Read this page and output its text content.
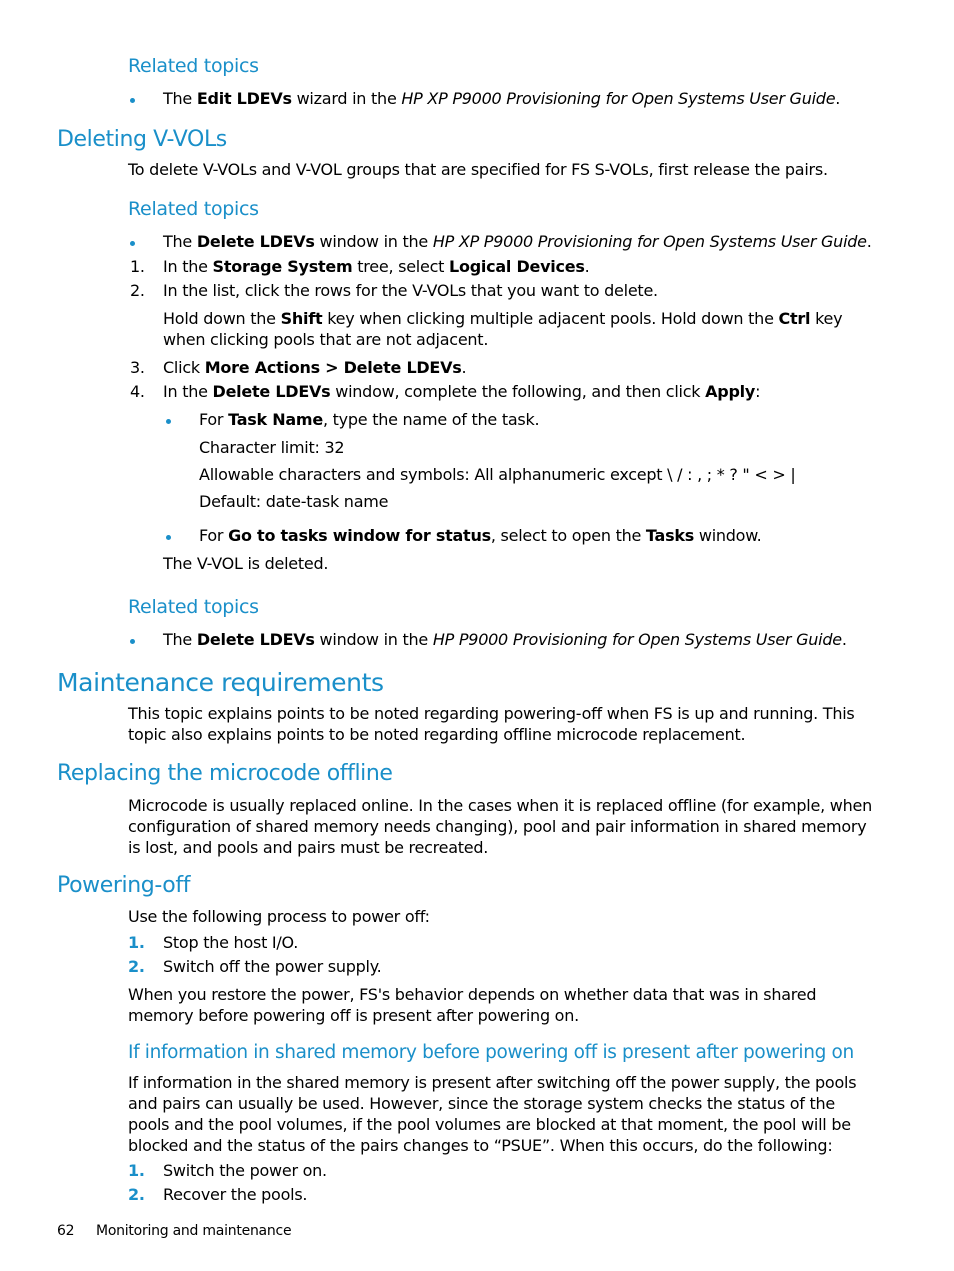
Related topics

The Edit LDEVs wizard in the HP XP P9000 Provisioning for Open Systems User Guide.

Deleting V-VOLs

To delete V-VOLs and V-VOL groups that are specified for FS S-VOLs, first release the pairs.

Related topics

The Delete LDEVs window in the HP XP P9000 Provisioning for Open Systems User Guide.

1. In the Storage System tree, select Logical Devices.

2. In the list, click the rows for the V-VOLs that you want to delete.

Hold down the Shift key when clicking multiple adjacent pools. Hold down the Ctrl key when clicking pools that are not adjacent.

3. Click More Actions > Delete LDEVs.

4. In the Delete LDEVs window, complete the following, and then click Apply:

For Task Name, type the name of the task.

Character limit: 32

Allowable characters and symbols: All alphanumeric except \ / : , ; * ? " < > |

Default: date-task name

For Go to tasks window for status, select to open the Tasks window.

The V-VOL is deleted.

Related topics

The Delete LDEVs window in the HP P9000 Provisioning for Open Systems User Guide.

Maintenance requirements

This topic explains points to be noted regarding powering-off when FS is up and running. This topic also explains points to be noted regarding offline microcode replacement.

Replacing the microcode offline

Microcode is usually replaced online. In the cases when it is replaced offline (for example, when configuration of shared memory needs changing), pool and pair information in shared memory is lost, and pools and pairs must be recreated.

Powering-off

Use the following process to power off:

1. Stop the host I/O.

2. Switch off the power supply.

When you restore the power, FS's behavior depends on whether data that was in shared memory before powering off is present after powering on.

If information in shared memory before powering off is present after powering on

If information in the shared memory is present after switching off the power supply, the pools and pairs can usually be used. However, since the storage system checks the status of the pools and the pool volumes, if the pool volumes are blocked at that moment, the pool will be blocked and the status of the pairs changes to “PSUE”. When this occurs, do the following:

1. Switch the power on.

2. Recover the pools.

62 Monitoring and maintenance
